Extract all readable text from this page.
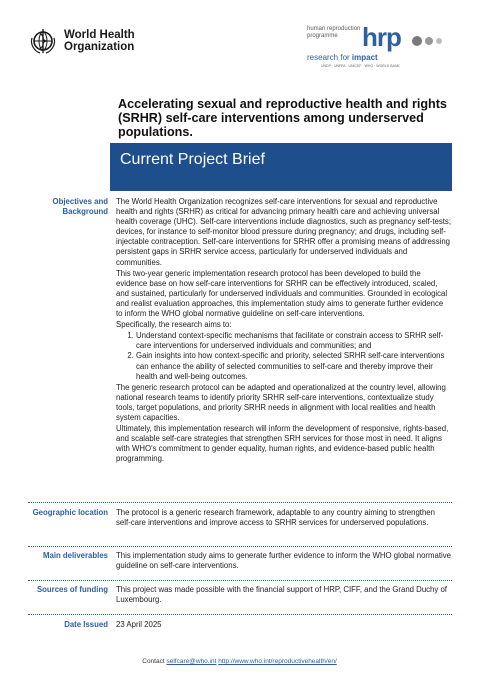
World Health
Organization
human reproduction programme hrp
research for impact
UNDP · UNFPA · UNICEF · WHO · WORLD BANK
Accelerating sexual and reproductive health and rights (SRHR) self-care interventions among underserved populations.
Current Project Brief
Objectives and Background

The World Health Organization recognizes self-care interventions for sexual and reproductive health and rights (SRHR) as critical for advancing primary health care and achieving universal health coverage (UHC). Self-care interventions include diagnostics, such as pregnancy self-tests; devices, for instance to self-monitor blood pressure during pregnancy; and drugs, including self- injectable contraception. Self-care interventions for SRHR offer a promising means of addressing persistent gaps in SRHR service access, particularly for underserved individuals and communities.

This two-year generic implementation research protocol has been developed to build the evidence base on how self-care interventions for SRHR can be effectively introduced, scaled, and sustained, particularly for underserved individuals and communities. Grounded in ecological and realist evaluation approaches, this implementation study aims to generate further evidence to inform the WHO global normative guideline on self-care interventions.

Specifically, the research aims to:

1. Understand context-specific mechanisms that facilitate or constrain access to SRHR self-care interventions for underserved individuals and communities; and
2. Gain insights into how context-specific and priority, selected SRHR self-care interventions can enhance the ability of selected communities to self-care and thereby improve their health and well-being outcomes.

The generic research protocol can be adapted and operationalized at the country level, allowing national research teams to identify priority SRHR self-care interventions, contextualize study tools, target populations, and priority SRHR needs in alignment with local realities and health system capacities.

Ultimately, this implementation research will inform the development of responsive, rights-based, and scalable self-care strategies that strengthen SRH services for those most in need. It aligns with WHO's commitment to gender equality, human rights, and evidence-based public health programming.

Geographic location The protocol is a generic research framework, adaptable to any country aiming to strengthen self-care interventions and improve access to SRHR services for underserved populations.
Main deliverables This implementation study aims to generate further evidence to inform the WHO global normative guideline on self-care interventions.
Sources of funding This project was made possible with the financial support of HRP, CIFF, and the Grand Duchy of Luxembourg.
Date Issued 23 April 2025
Contact selfcare@who.int http://www.who.int/reproductivehealth/en/
